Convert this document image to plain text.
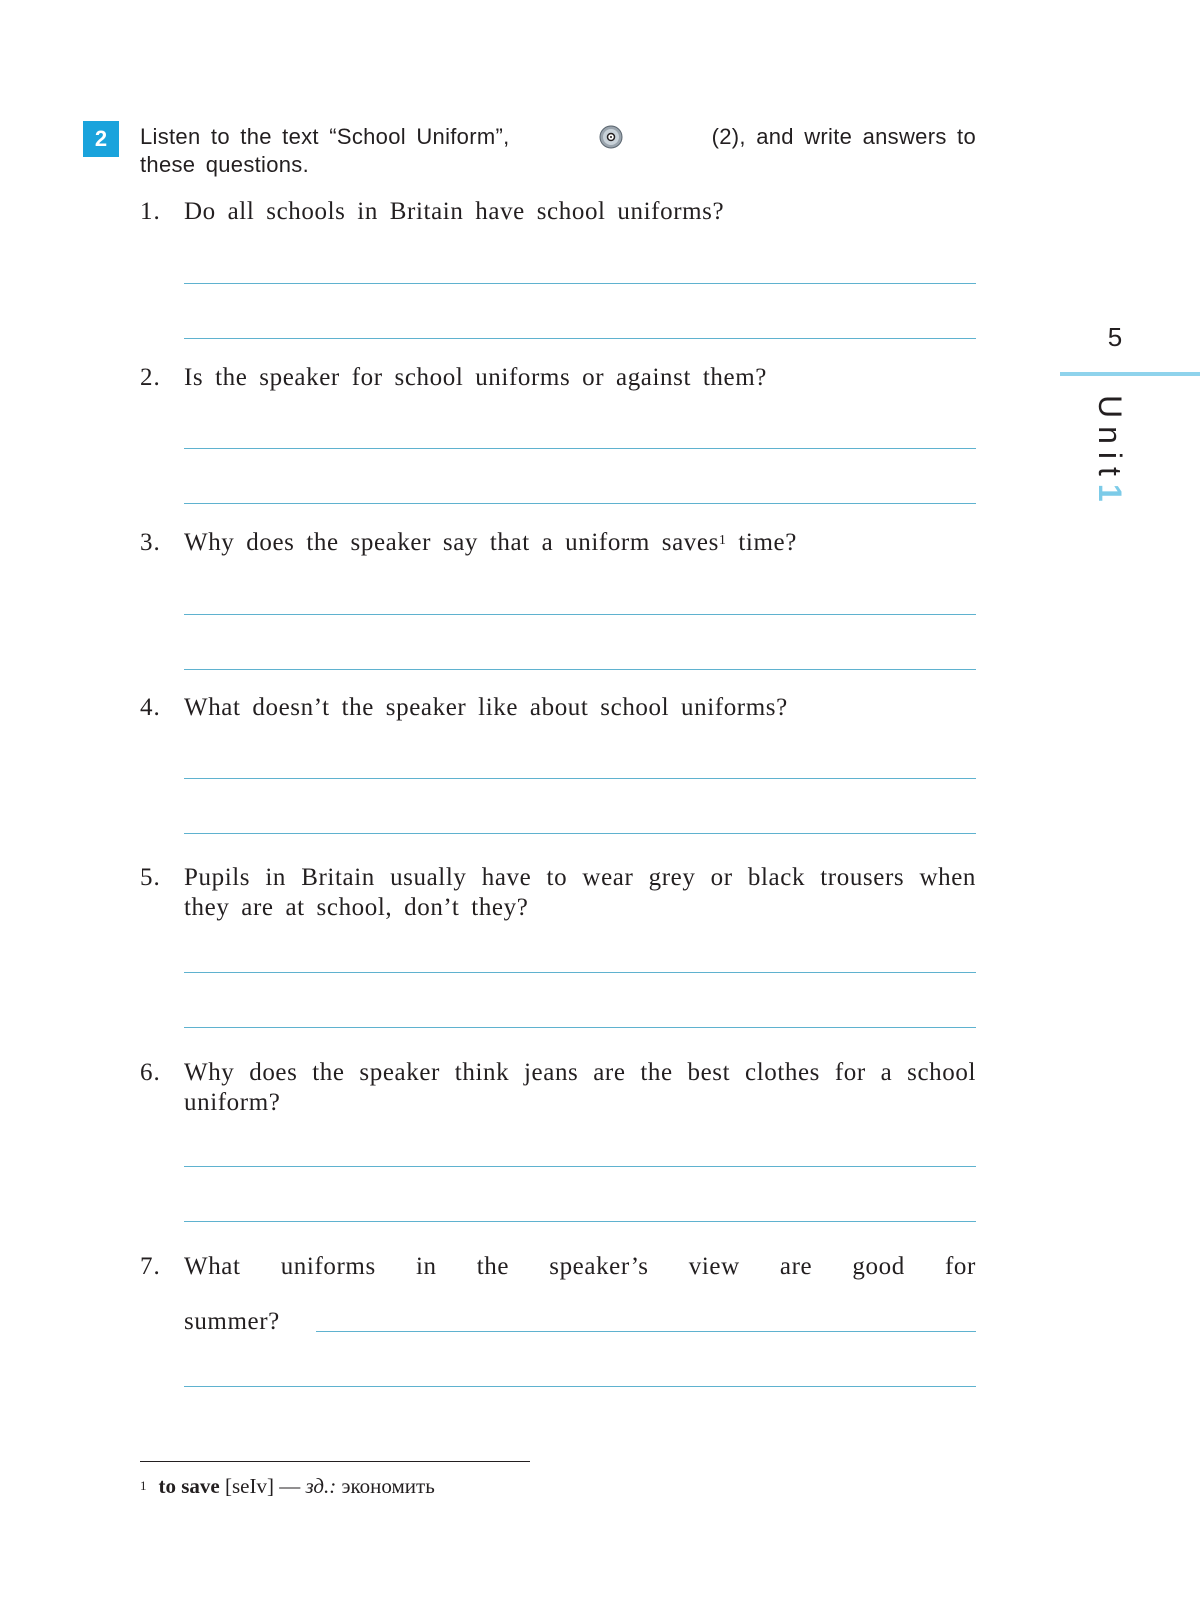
2	Listen to the text “School Uniform”,	(2), and write answers to
these questions.
1. Do all schools in Britain have school uniforms?
2. Is the speaker for school uniforms or against them?
3. Why does the speaker say that a uniform saves$^1$ time?
4. What doesn’t the speaker like about school uniforms?
5. Pupils in Britain usually have to wear grey or black trousers when they are at school, don’t they?
6. Why does the speaker think jeans are the best clothes for a school uniform?
7. What uniforms in the speaker’s view are good for
summer?
5
Unit1
$^1$ to save [seIv] — зд.: экономить
